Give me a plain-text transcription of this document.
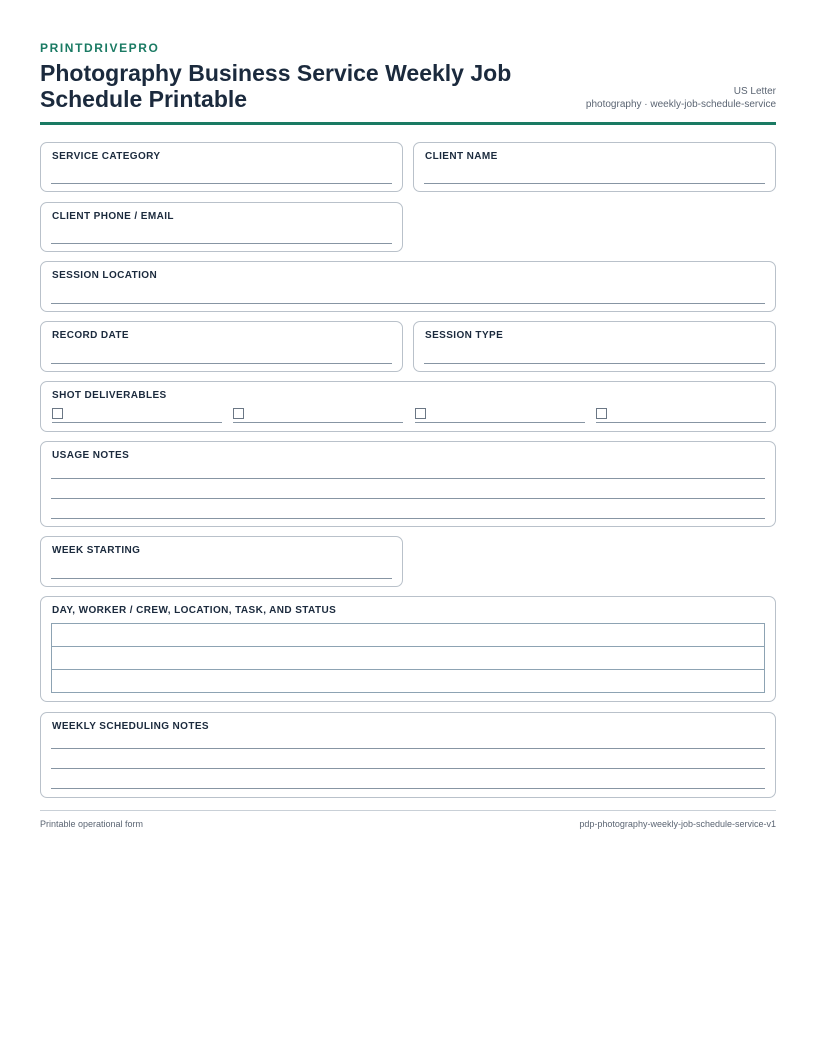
PRINTDRIVEPRO
Photography Business Service Weekly Job Schedule Printable	US Letter
photography · weekly-job-schedule-service
SERVICE CATEGORY	CLIENT NAME
CLIENT PHONE / EMAIL
SESSION LOCATION
RECORD DATE	SESSION TYPE
SHOT DELIVERABLES
USAGE NOTES
WEEK STARTING
DAY, WORKER / CREW, LOCATION, TASK, AND STATUS

WEEKLY SCHEDULING NOTES
Printable operational form	pdp-photography-weekly-job-schedule-service-v1
